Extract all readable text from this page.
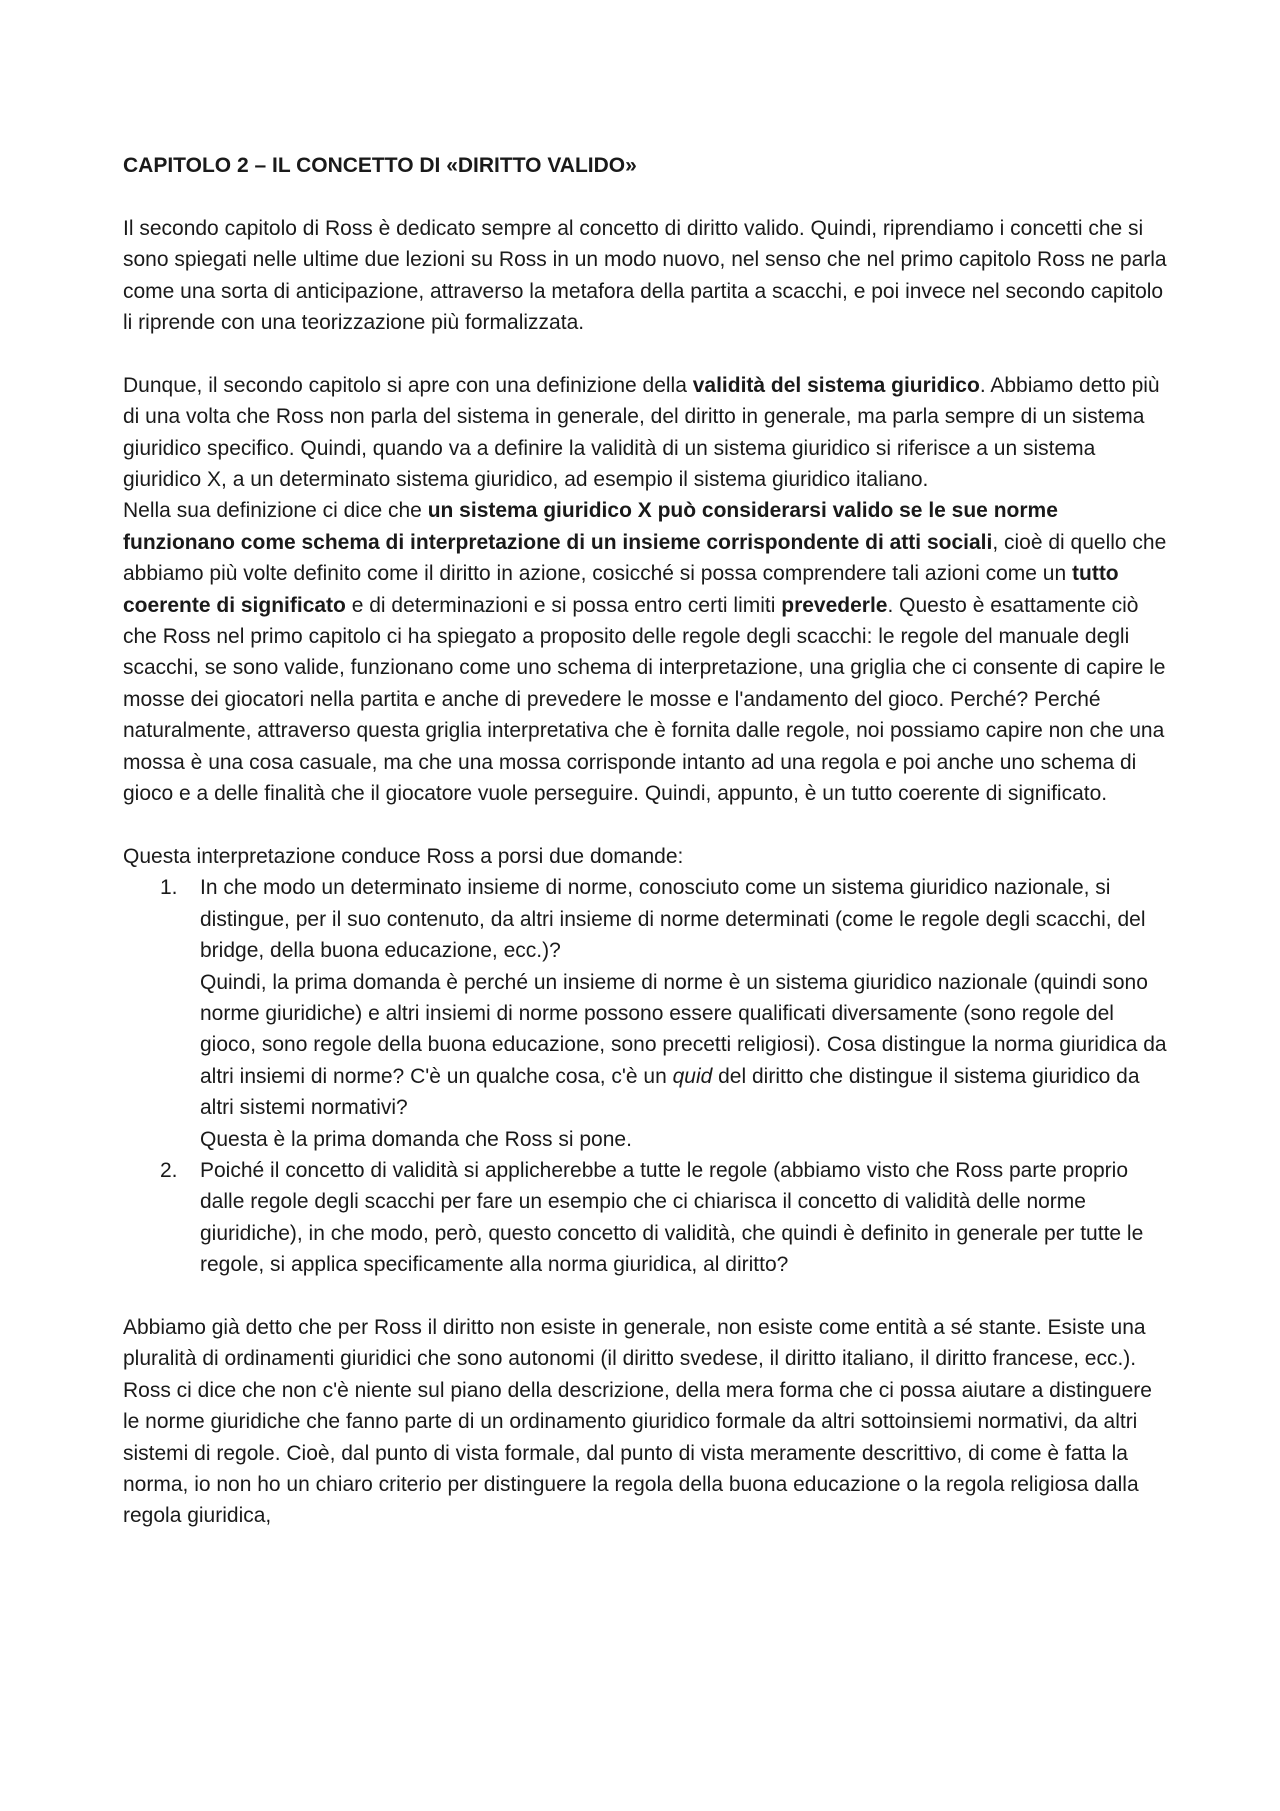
CAPITOLO 2 – IL CONCETTO DI «DIRITTO VALIDO»

Il secondo capitolo di Ross è dedicato sempre al concetto di diritto valido. Quindi, riprendiamo i concetti che si sono spiegati nelle ultime due lezioni su Ross in un modo nuovo, nel senso che nel primo capitolo Ross ne parla come una sorta di anticipazione, attraverso la metafora della partita a scacchi, e poi invece nel secondo capitolo li riprende con una teorizzazione più formalizzata.

Dunque, il secondo capitolo si apre con una definizione della validità del sistema giuridico. Abbiamo detto più di una volta che Ross non parla del sistema in generale, del diritto in generale, ma parla sempre di un sistema giuridico specifico. Quindi, quando va a definire la validità di un sistema giuridico si riferisce a un sistema giuridico X, a un determinato sistema giuridico, ad esempio il sistema giuridico italiano.

Nella sua definizione ci dice che un sistema giuridico X può considerarsi valido se le sue norme funzionano come schema di interpretazione di un insieme corrispondente di atti sociali, cioè di quello che abbiamo più volte definito come il diritto in azione, cosicché si possa comprendere tali azioni come un tutto coerente di significato e di determinazioni e si possa entro certi limiti prevederle. Questo è esattamente ciò che Ross nel primo capitolo ci ha spiegato a proposito delle regole degli scacchi: le regole del manuale degli scacchi, se sono valide, funzionano come uno schema di interpretazione, una griglia che ci consente di capire le mosse dei giocatori nella partita e anche di prevedere le mosse e l'andamento del gioco. Perché? Perché naturalmente, attraverso questa griglia interpretativa che è fornita dalle regole, noi possiamo capire non che una mossa è una cosa casuale, ma che una mossa corrisponde intanto ad una regola e poi anche uno schema di gioco e a delle finalità che il giocatore vuole perseguire. Quindi, appunto, è un tutto coerente di significato.

Questa interpretazione conduce Ross a porsi due domande:

1. In che modo un determinato insieme di norme, conosciuto come un sistema giuridico nazionale, si distingue, per il suo contenuto, da altri insieme di norme determinati (come le regole degli scacchi, del bridge, della buona educazione, ecc.)?
Quindi, la prima domanda è perché un insieme di norme è un sistema giuridico nazionale (quindi sono norme giuridiche) e altri insiemi di norme possono essere qualificati diversamente (sono regole del gioco, sono regole della buona educazione, sono precetti religiosi). Cosa distingue la norma giuridica da altri insiemi di norme? C'è un qualche cosa, c'è un quid del diritto che distingue il sistema giuridico da altri sistemi normativi?
Questa è la prima domanda che Ross si pone.
2. Poiché il concetto di validità si applicherebbe a tutte le regole (abbiamo visto che Ross parte proprio dalle regole degli scacchi per fare un esempio che ci chiarisca il concetto di validità delle norme giuridiche), in che modo, però, questo concetto di validità, che quindi è definito in generale per tutte le regole, si applica specificamente alla norma giuridica, al diritto?

Abbiamo già detto che per Ross il diritto non esiste in generale, non esiste come entità a sé stante. Esiste una pluralità di ordinamenti giuridici che sono autonomi (il diritto svedese, il diritto italiano, il diritto francese, ecc.). Ross ci dice che non c'è niente sul piano della descrizione, della mera forma che ci possa aiutare a distinguere le norme giuridiche che fanno parte di un ordinamento giuridico formale da altri sottoinsiemi normativi, da altri sistemi di regole. Cioè, dal punto di vista formale, dal punto di vista meramente descrittivo, di come è fatta la norma, io non ho un chiaro criterio per distinguere la regola della buona educazione o la regola religiosa dalla regola giuridica,
